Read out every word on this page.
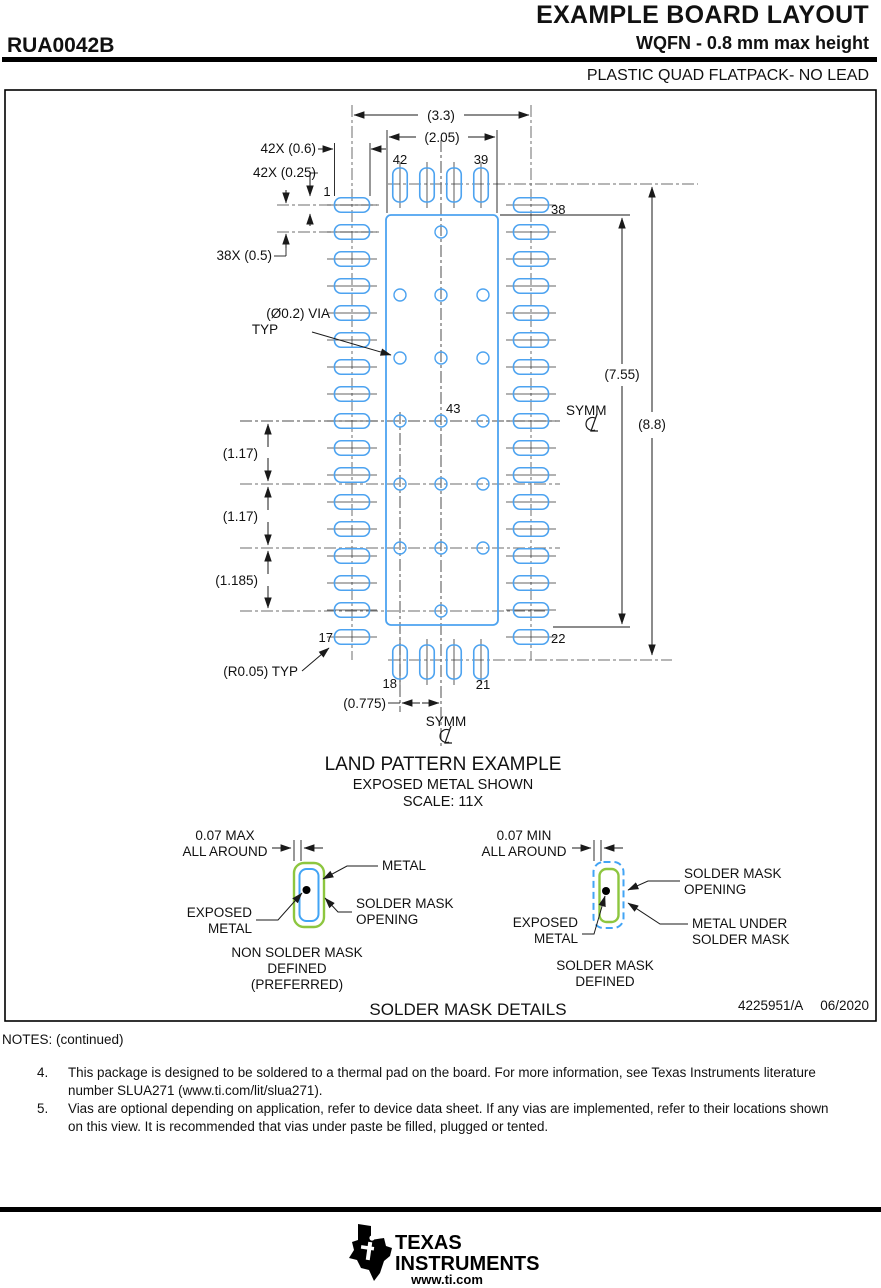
(3.3)
(2.05)
42X (0.6)
42X (0.25)
38X (0.5)
(Ø0.2) VIA
TYP
(1.17)
(1.17)
(1.185)
(7.55)
(8.8)
SYMM
SYMM
(0.775)
(R0.05) TYP
1
42	39
38
17	22
18	21
43
LAND PATTERN EXAMPLE
EXPOSED METAL SHOWN
SCALE: 11X
0.07 MAX
ALL AROUND
METAL
SOLDER MASK
OPENING
EXPOSED
METAL
NON SOLDER MASK
DEFINED
(PREFERRED)
0.07 MIN
ALL AROUND
SOLDER MASK
OPENING
EXPOSED
METAL
METAL UNDER
SOLDER MASK
SOLDER MASK
DEFINED
SOLDER MASK DETAILS	4225951/A 06/2020
EXAMPLE BOARD LAYOUT
RUA0042B	WQFN - 0.8 mm max height
PLASTIC QUAD FLATPACK- NO LEAD
NOTES: (continued)
4. This package is designed to be soldered to a thermal pad on the board. For more information, see Texas Instruments literature
number SLUA271 (www.ti.com/lit/slua271).
5. Vias are optional depending on application, refer to device data sheet. If any vias are implemented, refer to their locations shown
on this view. It is recommended that vias under paste be filled, plugged or tented.
TEXAS
INSTRUMENTS
www.ti.com
